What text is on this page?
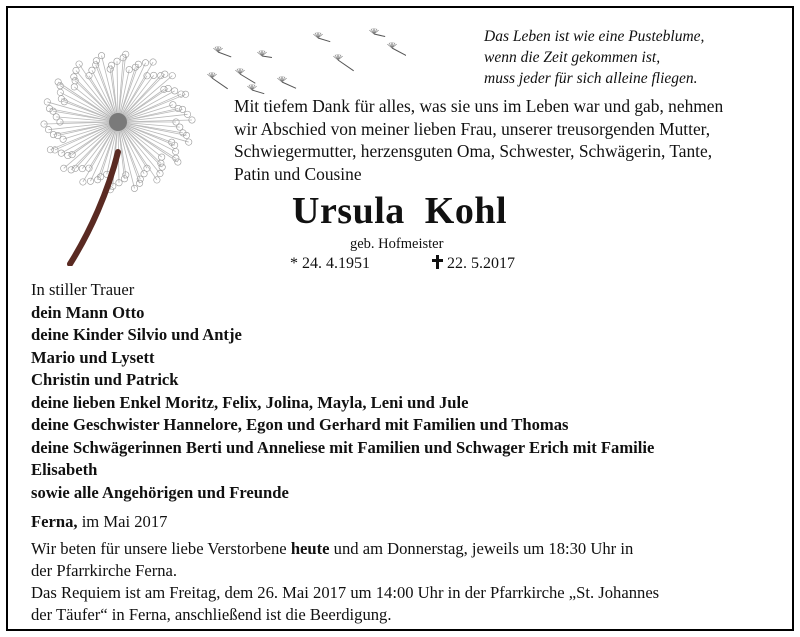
Das Leben ist wie eine Pusteblume,
wenn die Zeit gekommen ist,
muss jeder für sich alleine fliegen.
Mit tiefem Dank für alles, was sie uns im Leben war und gab, nehmen
wir Abschied von meiner lieben Frau, unserer treusorgenden Mutter,
Schwiegermutter, herzensguten Oma, Schwester, Schwägerin, Tante,
Patin und Cousine
Ursula  Kohl
geb. Hofmeister
* 24. 4.1951	22. 5.2017
In stiller Trauer
dein Mann Otto
deine Kinder Silvio und Antje
Mario und Lysett
Christin und Patrick
deine lieben Enkel Moritz, Felix, Jolina, Mayla, Leni und Jule
deine Geschwister Hannelore, Egon und Gerhard mit Familien und Thomas
deine Schwägerinnen Berti und Anneliese mit Familien und Schwager Erich mit Familie
Elisabeth
sowie alle Angehörigen und Freunde
Ferna, im Mai 2017
Wir beten für unsere liebe Verstorbene heute und am Donnerstag, jeweils um 18:30 Uhr in
der Pfarrkirche Ferna.
Das Requiem ist am Freitag, dem 26. Mai 2017 um 14:00 Uhr in der Pfarrkirche „St. Johannes
der Täufer“ in Ferna, anschließend ist die Beerdigung.
